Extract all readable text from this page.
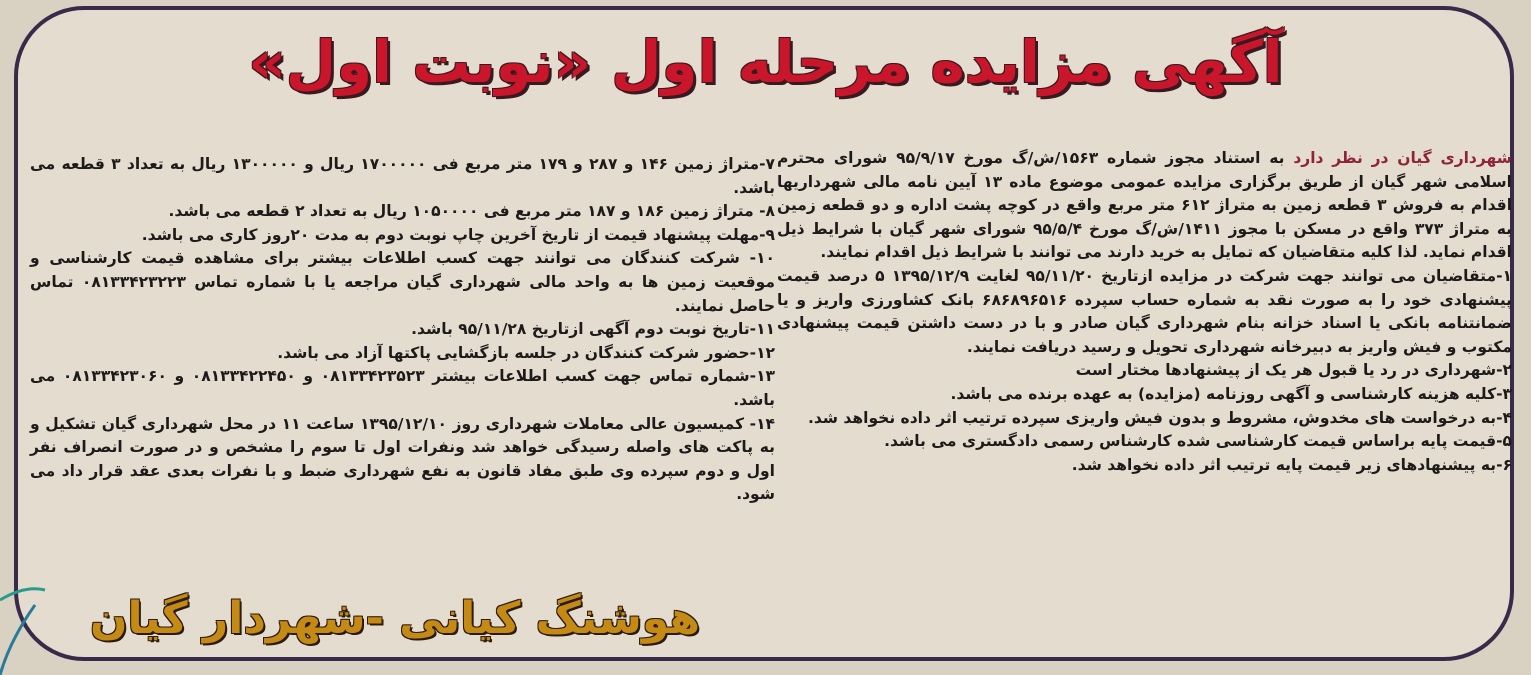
آگهی مزایده مرحله اول «نوبت اول»

شهرداری گیان در نظر دارد به استناد مجوز شماره ۱۵۶۳/ش/گ مورخ ۹۵/۹/۱۷ شورای محترم اسلامی شهر گیان از طریق برگزاری مزایده عمومی موضوع ماده ۱۳ آیین نامه مالی شهرداریها اقدام به فروش ۳ قطعه زمین به متراژ ۶۱۲ متر مربع واقع در کوچه پشت اداره و دو قطعه زمین به متراژ ۳۷۳ واقع در مسکن با مجوز ۱۴۱۱/ش/گ مورخ ۹۵/۵/۴ شورای شهر گیان با شرایط ذیل اقدام نماید. لذا کلیه متقاضیان که تمایل به خرید دارند می توانند با شرایط ذیل اقدام نمایند.

۱-متقاضیان می توانند جهت شرکت در مزایده ازتاریخ ۹۵/۱۱/۲۰ لغایت ۱۳۹۵/۱۲/۹ ۵ درصد قیمت پیشنهادی خود را به صورت نقد به شماره حساب سپرده ۶۸۶۸۹۶۵۱۶ بانک کشاورزی واریز و یا ضمانتنامه بانکی یا اسناد خزانه بنام شهرداری گیان صادر و با در دست داشتن قیمت پیشنهادی مکتوب و فیش واریز به دبیرخانه شهرداری تحویل و رسید دریافت نمایند.

۲-شهرداری در رد یا قبول هر یک از پیشنهادها مختار است

۳-کلیه هزینه کارشناسی و آگهی روزنامه (مزایده) به عهده برنده می باشد.

۴-به درخواست های مخدوش، مشروط و بدون فیش واریزی سپرده ترتیب اثر داده نخواهد شد.

۵-قیمت پایه براساس قیمت کارشناسی شده کارشناس رسمی دادگستری می باشد.

۶-به پیشنهادهای زیر قیمت پایه ترتیب اثر داده نخواهد شد.

۷-متراژ زمین ۱۴۶ و ۲۸۷ و ۱۷۹ متر مربع فی ۱۷۰۰۰۰۰ ریال و ۱۳۰۰۰۰۰ ریال به تعداد ۳ قطعه می باشد.

۸- متراژ زمین ۱۸۶ و ۱۸۷ متر مربع فی ۱۰۵۰۰۰۰ ریال به تعداد ۲ قطعه می باشد.

۹-مهلت پیشنهاد قیمت از تاریخ آخرین چاپ نوبت دوم به مدت ۲۰روز کاری می باشد.

۱۰- شرکت کنندگان می توانند جهت کسب اطلاعات بیشتر برای مشاهده قیمت کارشناسی و موقعیت زمین ها به واحد مالی شهرداری گیان مراجعه یا با شماره تماس ۰۸۱۳۳۴۲۳۲۲۳ تماس حاصل نمایند.

۱۱-تاریخ نوبت دوم آگهی ازتاریخ ۹۵/۱۱/۲۸ باشد.

۱۲-حضور شرکت کنندگان در جلسه بازگشایی پاکتها آزاد می باشد.

۱۳-شماره تماس جهت کسب اطلاعات بیشتر ۰۸۱۳۳۴۲۳۵۲۳ و ۰۸۱۳۳۴۲۲۴۵۰ و ۰۸۱۳۳۴۲۳۰۶۰ می باشد.

۱۴- کمیسیون عالی معاملات شهرداری روز ۱۳۹۵/۱۲/۱۰ ساعت ۱۱ در محل شهرداری گیان تشکیل و به پاکت های واصله رسیدگی خواهد شد ونفرات اول تا سوم را مشخص و در صورت انصراف نفر اول و دوم سپرده وی طبق مفاد قانون به نفع شهرداری ضبط و با نفرات بعدی عقد قرار داد می شود.

هوشنگ کیانی -شهردار گیان
